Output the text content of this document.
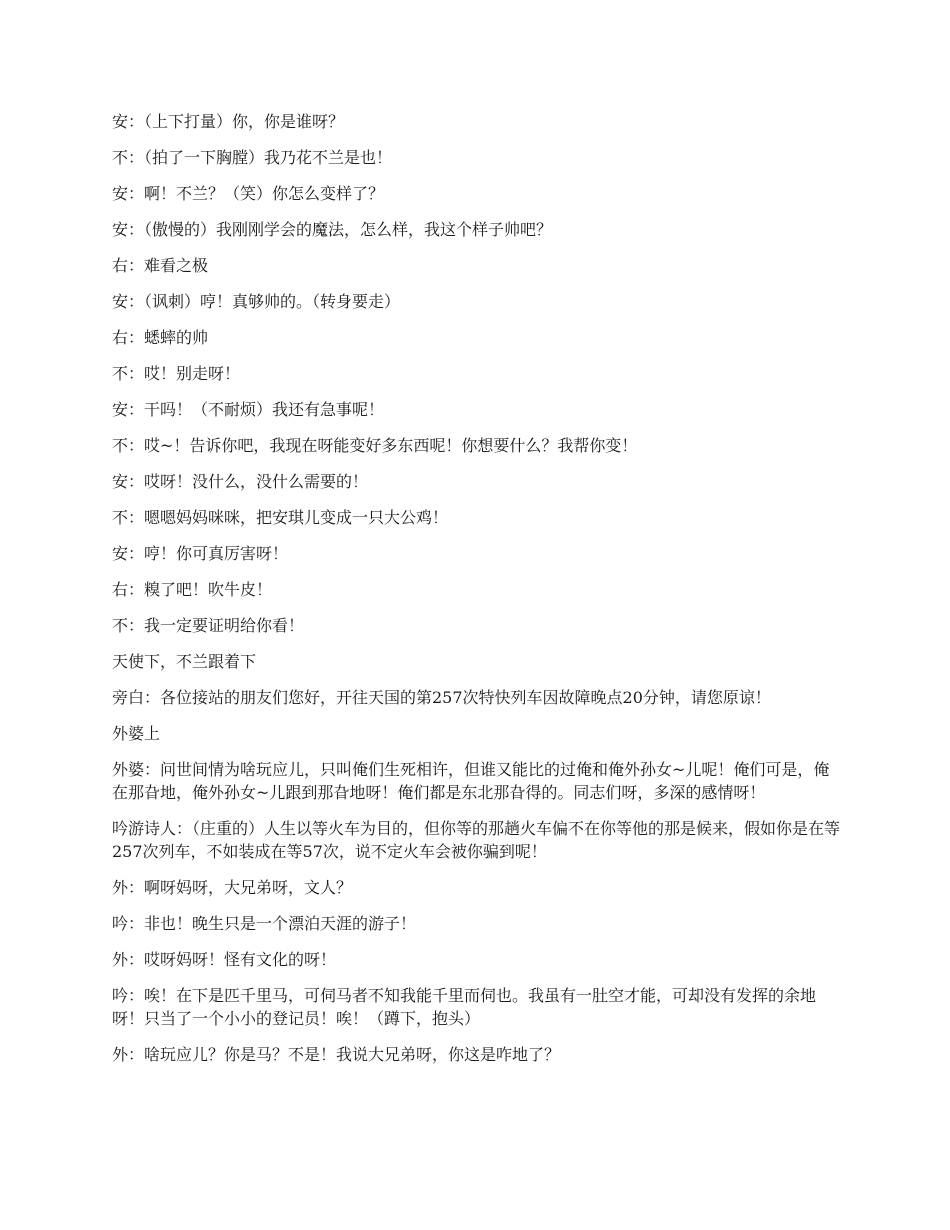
安：（上下打量）你，你是谁呀？

不：（拍了一下胸膛）我乃花不兰是也！

安：啊！不兰？（笑）你怎么变样了？

安：（傲慢的）我刚刚学会的魔法，怎么样，我这个样子帅吧？

右：难看之极

安：（讽刺）哼！真够帅的。（转身要走）

右：蟋蟀的帅

不：哎！别走呀！

安：干吗！（不耐烦）我还有急事呢！

不：哎~！告诉你吧，我现在呀能变好多东西呢！你想要什么？我帮你变！

安：哎呀！没什么，没什么需要的！

不：嗯嗯妈妈咪咪，把安琪儿变成一只大公鸡！

安：哼！你可真厉害呀！

右：糗了吧！吹牛皮！

不：我一定要证明给你看！

天使下，不兰跟着下

旁白：各位接站的朋友们您好，开往天国的第257次特快列车因故障晚点20分钟，请您原谅！

外婆上

外婆：问世间情为啥玩应儿，只叫俺们生死相许，但谁又能比的过俺和俺外孙女~儿呢！俺们可是，俺在那旮地，俺外孙女~儿跟到那旮地呀！俺们都是东北那旮得的。同志们呀，多深的感情呀！

吟游诗人：（庄重的）人生以等火车为目的，但你等的那趟火车偏不在你等他的那是候来，假如你是在等257次列车，不如装成在等57次，说不定火车会被你骗到呢！

外：啊呀妈呀，大兄弟呀，文人？

吟：非也！晚生只是一个漂泊天涯的游子！

外：哎呀妈呀！怪有文化的呀！

吟：唉！在下是匹千里马，可伺马者不知我能千里而伺也。我虽有一肚空才能，可却没有发挥的余地呀！只当了一个小小的登记员！唉！（蹲下，抱头）

外：啥玩应儿？你是马？不是！我说大兄弟呀，你这是咋地了？
